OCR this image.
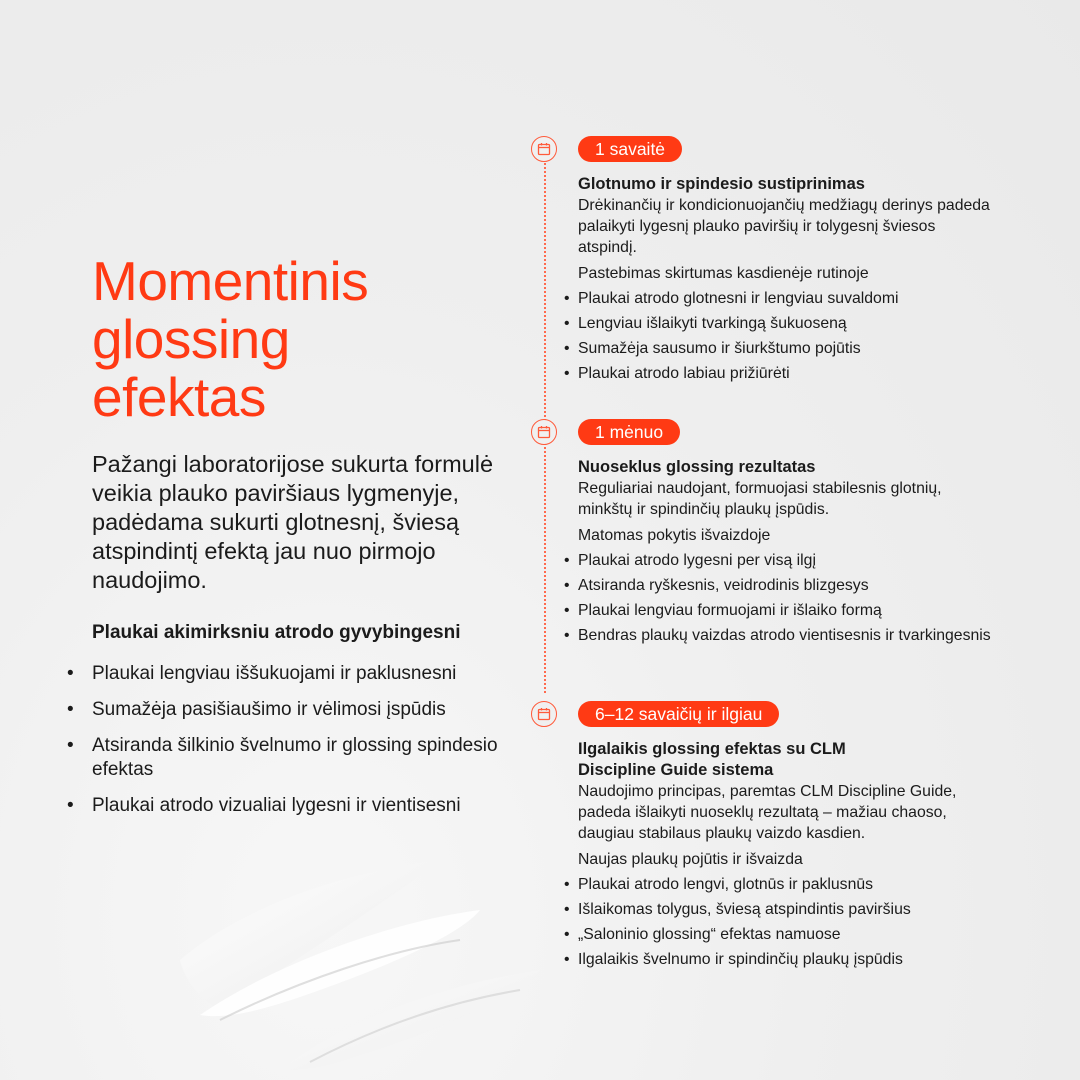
Momentinis
glossing
efektas

Pažangi laboratorijose sukurta formulė veikia plauko paviršiaus lygmenyje, padėdama sukurti glotnesnį, šviesą atspindintį efektą jau nuo pirmojo naudojimo.

Plaukai akimirksniu atrodo gyvybingesni

• Plaukai lengviau iššukuojami ir paklusnesni
• Sumažėja pasišiaušimo ir vėlimosi įspūdis
• Atsiranda šilkinio švelnumo ir glossing spindesio efektas
• Plaukai atrodo vizualiai lygesni ir vientisesni
1 savaitė

Glotnumo ir spindesio sustiprinimas

Drėkinančių ir kondicionuojančių medžiagų derinys padeda palaikyti lygesnį plauko paviršių ir tolygesnį šviesos atspindį.

Pastebimas skirtumas kasdienėje rutinoje

• Plaukai atrodo glotnesni ir lengviau suvaldomi
• Lengviau išlaikyti tvarkingą šukuoseną
• Sumažėja sausumo ir šiurkštumo pojūtis
• Plaukai atrodo labiau prižiūrėti
1 mėnuo

Nuoseklus glossing rezultatas

Reguliariai naudojant, formuojasi stabilesnis glotnių, minkštų ir spindinčių plaukų įspūdis.

Matomas pokytis išvaizdoje

• Plaukai atrodo lygesni per visą ilgį
• Atsiranda ryškesnis, veidrodinis blizgesys
• Plaukai lengviau formuojami ir išlaiko formą
• Bendras plaukų vaizdas atrodo vientisesnis ir tvarkingesnis
6–12 savaičių ir ilgiau

Ilgalaikis glossing efektas su CLM Discipline Guide sistema

Naudojimo principas, paremtas CLM Discipline Guide, padeda išlaikyti nuoseklų rezultatą – mažiau chaoso, daugiau stabilaus plaukų vaizdo kasdien.

Naujas plaukų pojūtis ir išvaizda

• Plaukai atrodo lengvi, glotnūs ir paklusnūs
• Išlaikomas tolygus, šviesą atspindintis paviršius
• „Saloninio glossing“ efektas namuose
• Ilgalaikis švelnumo ir spindinčių plaukų įspūdis
